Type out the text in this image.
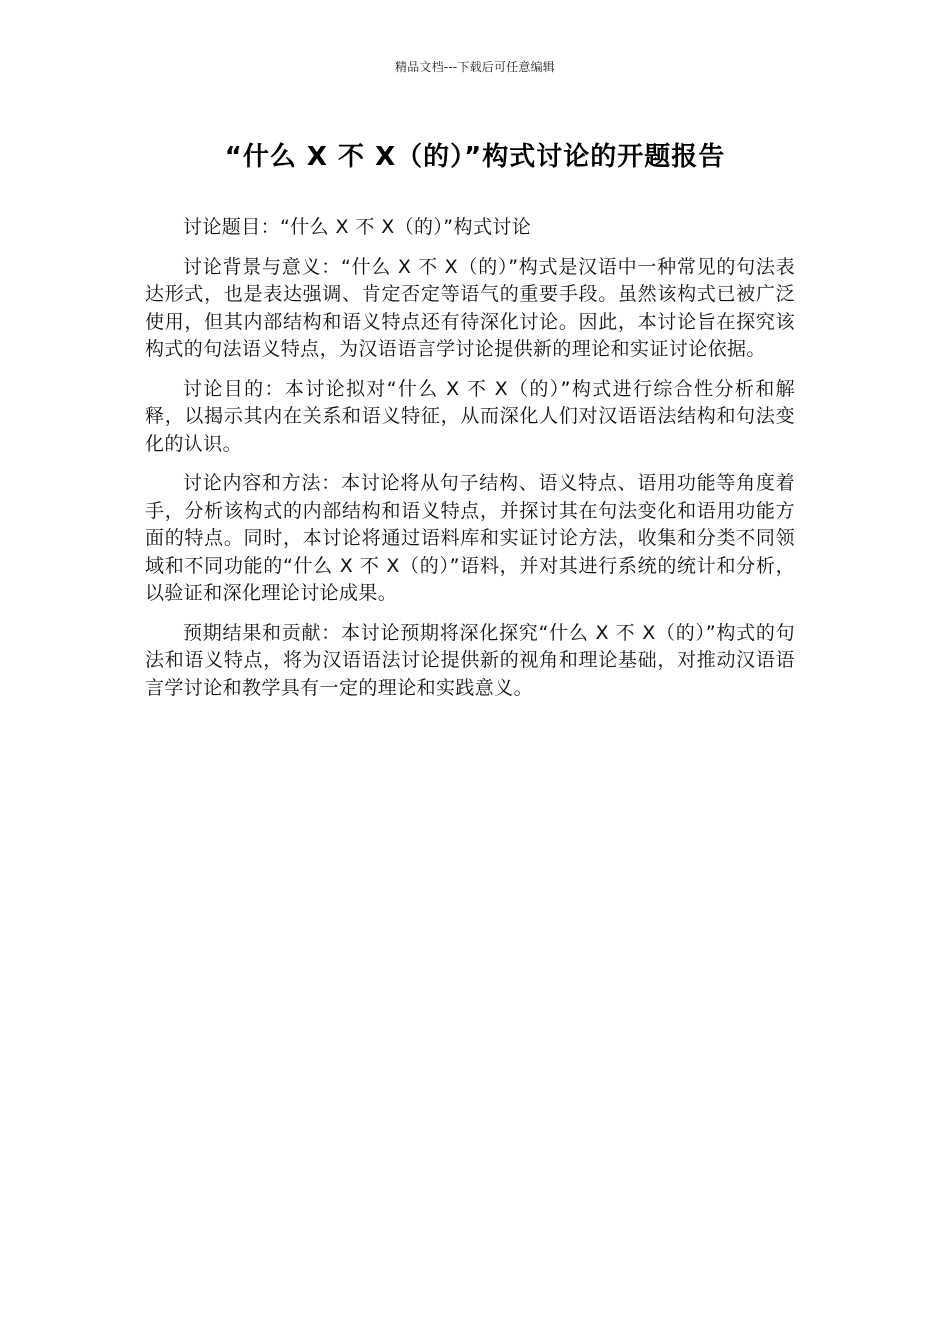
精品文档---下载后可任意编辑
“什么 X 不 X（的）”构式讨论的开题报告

讨论题目：“什么 X 不 X（的）”构式讨论

讨论背景与意义：“什么 X 不 X（的）”构式是汉语中一种常见的句法表达形式，也是表达强调、肯定否定等语气的重要手段。虽然该构式已被广泛使用，但其内部结构和语义特点还有待深化讨论。因此，本讨论旨在探究该构式的句法语义特点，为汉语语言学讨论提供新的理论和实证讨论依据。

讨论目的：本讨论拟对“什么 X 不 X（的）”构式进行综合性分析和解释，以揭示其内在关系和语义特征，从而深化人们对汉语语法结构和句法变化的认识。

讨论内容和方法：本讨论将从句子结构、语义特点、语用功能等角度着手，分析该构式的内部结构和语义特点，并探讨其在句法变化和语用功能方面的特点。同时，本讨论将通过语料库和实证讨论方法，收集和分类不同领域和不同功能的“什么 X 不 X（的）”语料，并对其进行系统的统计和分析，以验证和深化理论讨论成果。

预期结果和贡献：本讨论预期将深化探究“什么 X 不 X（的）”构式的句法和语义特点，将为汉语语法讨论提供新的视角和理论基础，对推动汉语语言学讨论和教学具有一定的理论和实践意义。
